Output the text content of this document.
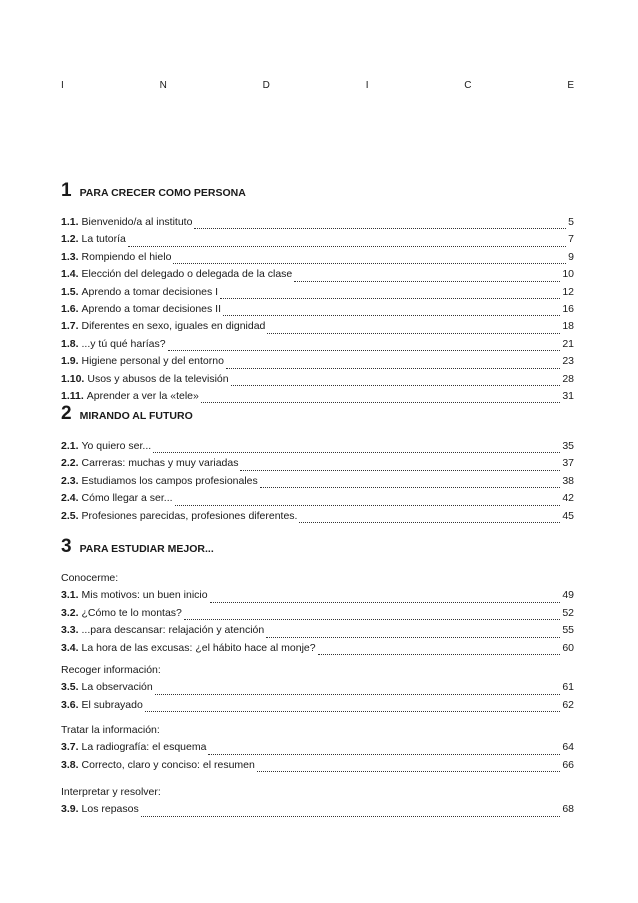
I	N	D	I	C	E
1 PARA CRECER COMO PERSONA
1.1. Bienvenido/a al instituto	5
1.2. La tutoría	7
1.3. Rompiendo el hielo	9
1.4. Elección del delegado o delegada de la clase	10
1.5. Aprendo a tomar decisiones I	12
1.6. Aprendo a tomar decisiones II	16
1.7. Diferentes en sexo, iguales en dignidad	18
1.8. ...y tú qué harías?	21
1.9. Higiene personal y del entorno	23
1.10. Usos y abusos de la televisión	28
1.11. Aprender a ver la «tele»	31
2 MIRANDO AL FUTURO
2.1. Yo quiero ser...	35
2.2. Carreras: muchas y muy variadas	37
2.3. Estudiamos los campos profesionales	38
2.4. Cómo llegar a ser...	42
2.5. Profesiones parecidas, profesiones diferentes.	45
3 PARA ESTUDIAR MEJOR...
Conocerme:
3.1. Mis motivos: un buen inicio	49
3.2. ¿Cómo te lo montas?	52
3.3. ...para descansar: relajación y atención	55
3.4. La hora de las excusas: ¿el hábito hace al monje?	60
Recoger información:
3.5. La observación	61
3.6. El subrayado	62
Tratar la información:
3.7. La radiografía: el esquema	64
3.8. Correcto, claro y conciso: el resumen	66
Interpretar y resolver:
3.9. Los repasos	68
